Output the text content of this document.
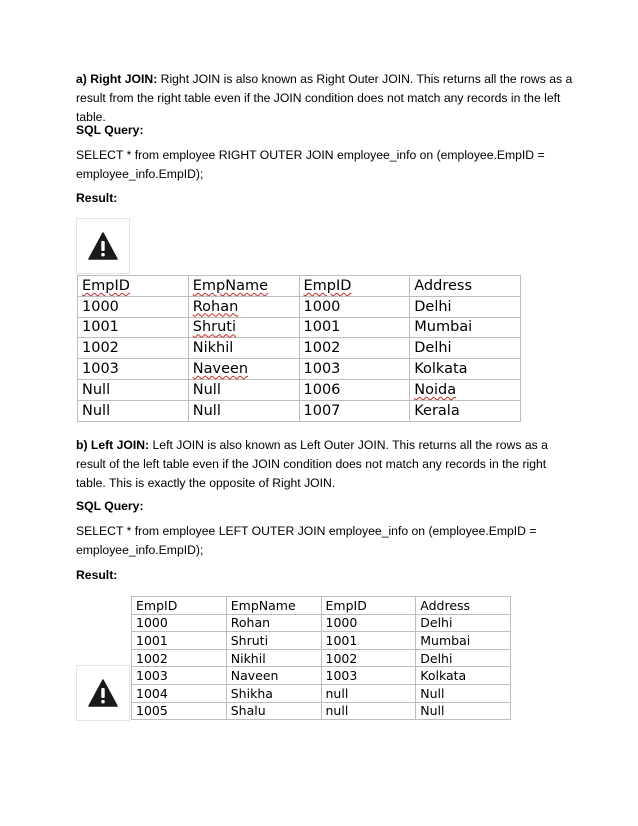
a) Right JOIN: Right JOIN is also known as Right Outer JOIN. This returns all the rows as a result from the right table even if the JOIN condition does not match any records in the left table.
SQL Query:
SELECT * from employee RIGHT OUTER JOIN employee_info on (employee.EmpID = employee_info.EmpID);
Result:
EmpID	EmpName	EmpID	Address
1000	Rohan	1000	Delhi
1001	Shruti	1001	Mumbai
1002	Nikhil	1002	Delhi
1003	Naveen	1003	Kolkata
Null	Null	1006	Noida
Null	Null	1007	Kerala
b) Left JOIN: Left JOIN is also known as Left Outer JOIN. This returns all the rows as a result of the left table even if the JOIN condition does not match any records in the right table. This is exactly the opposite of Right JOIN.
SQL Query:
SELECT * from employee LEFT OUTER JOIN employee_info on (employee.EmpID = employee_info.EmpID);
Result:
EmpID	EmpName	EmpID	Address
1000	Rohan	1000	Delhi
1001	Shruti	1001	Mumbai
1002	Nikhil	1002	Delhi
1003	Naveen	1003	Kolkata
1004	Shikha	null	Null
1005	Shalu	null	Null
